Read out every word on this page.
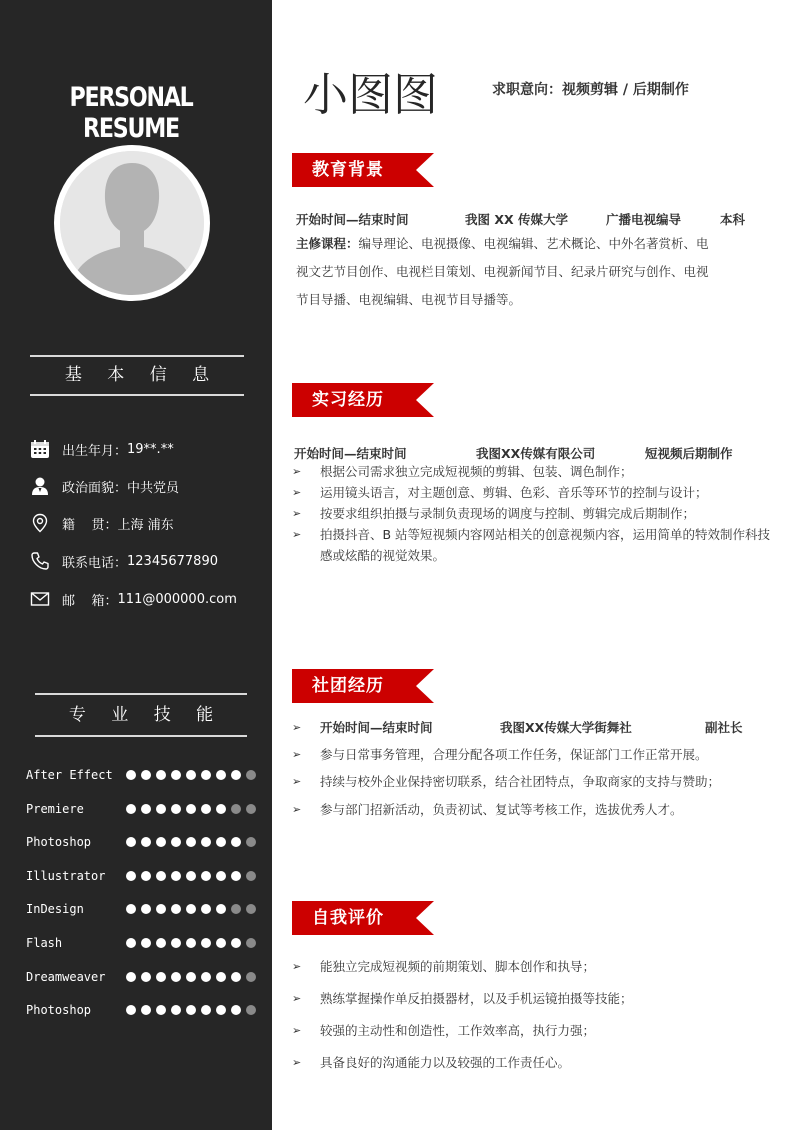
PERSONAL RESUME
基 本 信 息
出生年月： 19**.**
政治面貌： 中共党员
籍    贯： 上海 浦东
联系电话： 12345677890
邮    箱： 111@000000.com
专 业 技 能
After Effect
Premiere
Photoshop
Illustrator
InDesign
Flash
Dreamweaver
Photoshop
小图图	求职意向：视频剪辑 / 后期制作
教育背景
开始时间—结束时间	我图 XX 传媒大学	广播电视编导	本科
主修课程：编导理论、电视摄像、电视编辑、艺术概论、中外名著赏析、电
视文艺节目创作、电视栏目策划、电视新闻节目、纪录片研究与创作、电视
节目导播、电视编辑、电视节目导播等。
实习经历
开始时间—结束时间	我图XX传媒有限公司	短视频后期制作
➢	根据公司需求独立完成短视频的剪辑、包装、调色制作；
➢	运用镜头语言，对主题创意、剪辑、色彩、音乐等环节的控制与设计；
➢	按要求组织拍摄与录制负责现场的调度与控制、剪辑完成后期制作；
➢	拍摄抖音、B 站等短视频内容网站相关的创意视频内容，运用简单的特效制作科技感或炫酷的视觉效果。
社团经历
➢	开始时间—结束时间	我图XX传媒大学街舞社	副社长
➢	参与日常事务管理，合理分配各项工作任务，保证部门工作正常开展。
➢	持续与校外企业保持密切联系，结合社团特点，争取商家的支持与赞助；
➢	参与部门招新活动，负责初试、复试等考核工作，选拔优秀人才。
自我评价
➢	能独立完成短视频的前期策划、脚本创作和执导；
➢	熟练掌握操作单反拍摄器材，以及手机运镜拍摄等技能；
➢	较强的主动性和创造性，工作效率高，执行力强；
➢	具备良好的沟通能力以及较强的工作责任心。
